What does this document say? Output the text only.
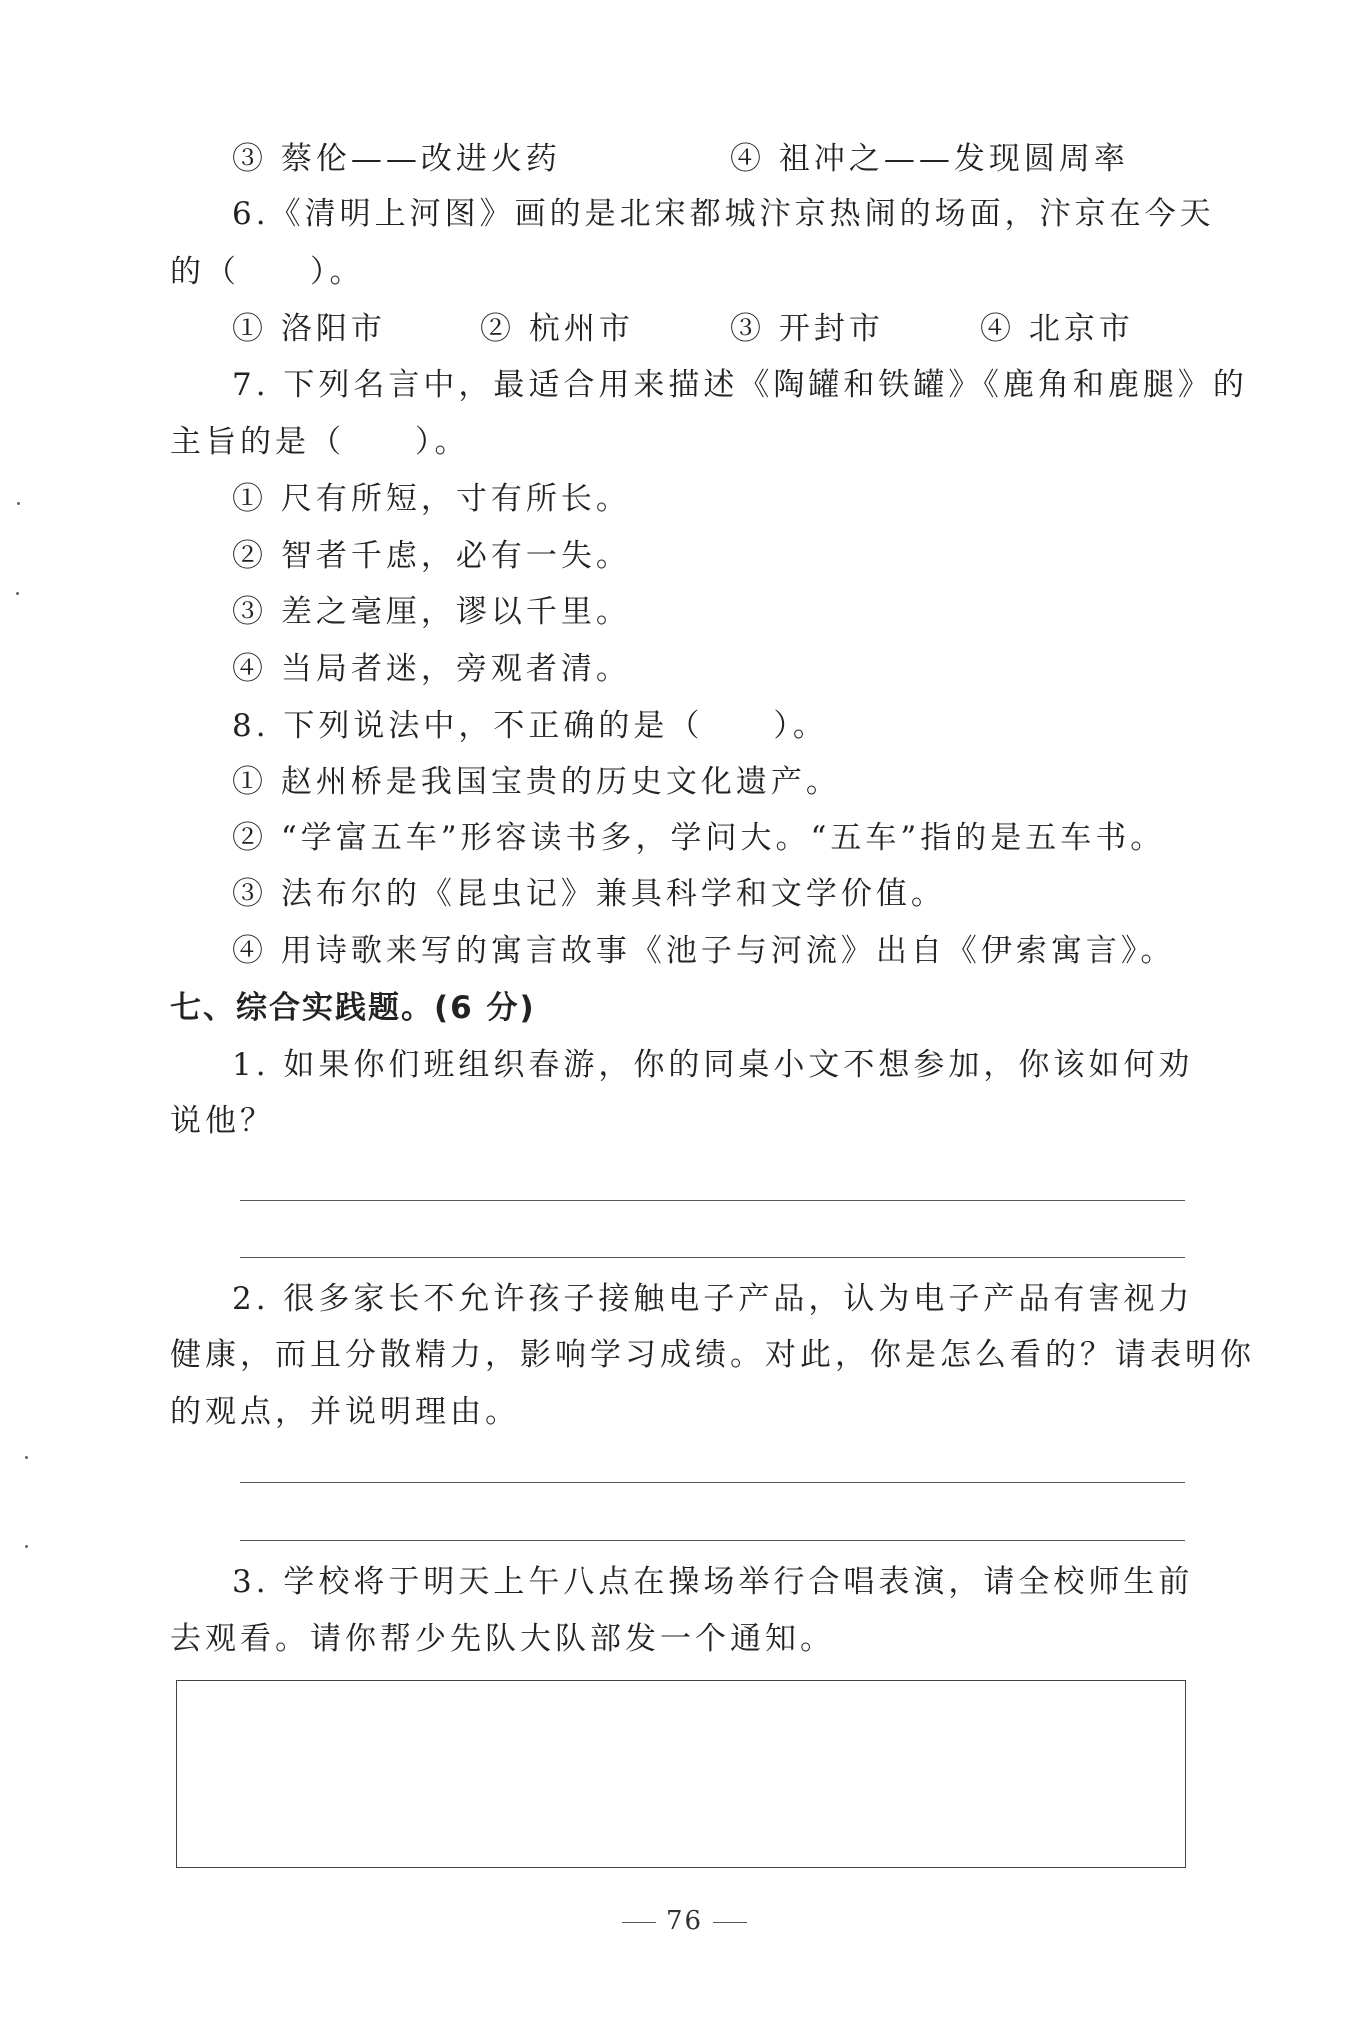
③ 蔡伦——改进火药	④ 祖冲之——发现圆周率
6.《清明上河图》画的是北宋都城汴京热闹的场面，汴京在今天
的（　　）。
① 洛阳市	② 杭州市	③ 开封市	④ 北京市
7. 下列名言中，最适合用来描述《陶罐和铁罐》《鹿角和鹿腿》的
主旨的是（　　）。
① 尺有所短，寸有所长。
② 智者千虑，必有一失。
③ 差之毫厘，谬以千里。
④ 当局者迷，旁观者清。
8. 下列说法中，不正确的是（　　）。
① 赵州桥是我国宝贵的历史文化遗产。
② “学富五车”形容读书多，学问大。“五车”指的是五车书。
③ 法布尔的《昆虫记》兼具科学和文学价值。
④ 用诗歌来写的寓言故事《池子与河流》出自《伊索寓言》。
七、综合实践题。(6 分)
1. 如果你们班组织春游，你的同桌小文不想参加，你该如何劝
说他？
2. 很多家长不允许孩子接触电子产品，认为电子产品有害视力
健康，而且分散精力，影响学习成绩。对此，你是怎么看的？请表明你
的观点，并说明理由。
3. 学校将于明天上午八点在操场举行合唱表演，请全校师生前
去观看。请你帮少先队大队部发一个通知。
76
